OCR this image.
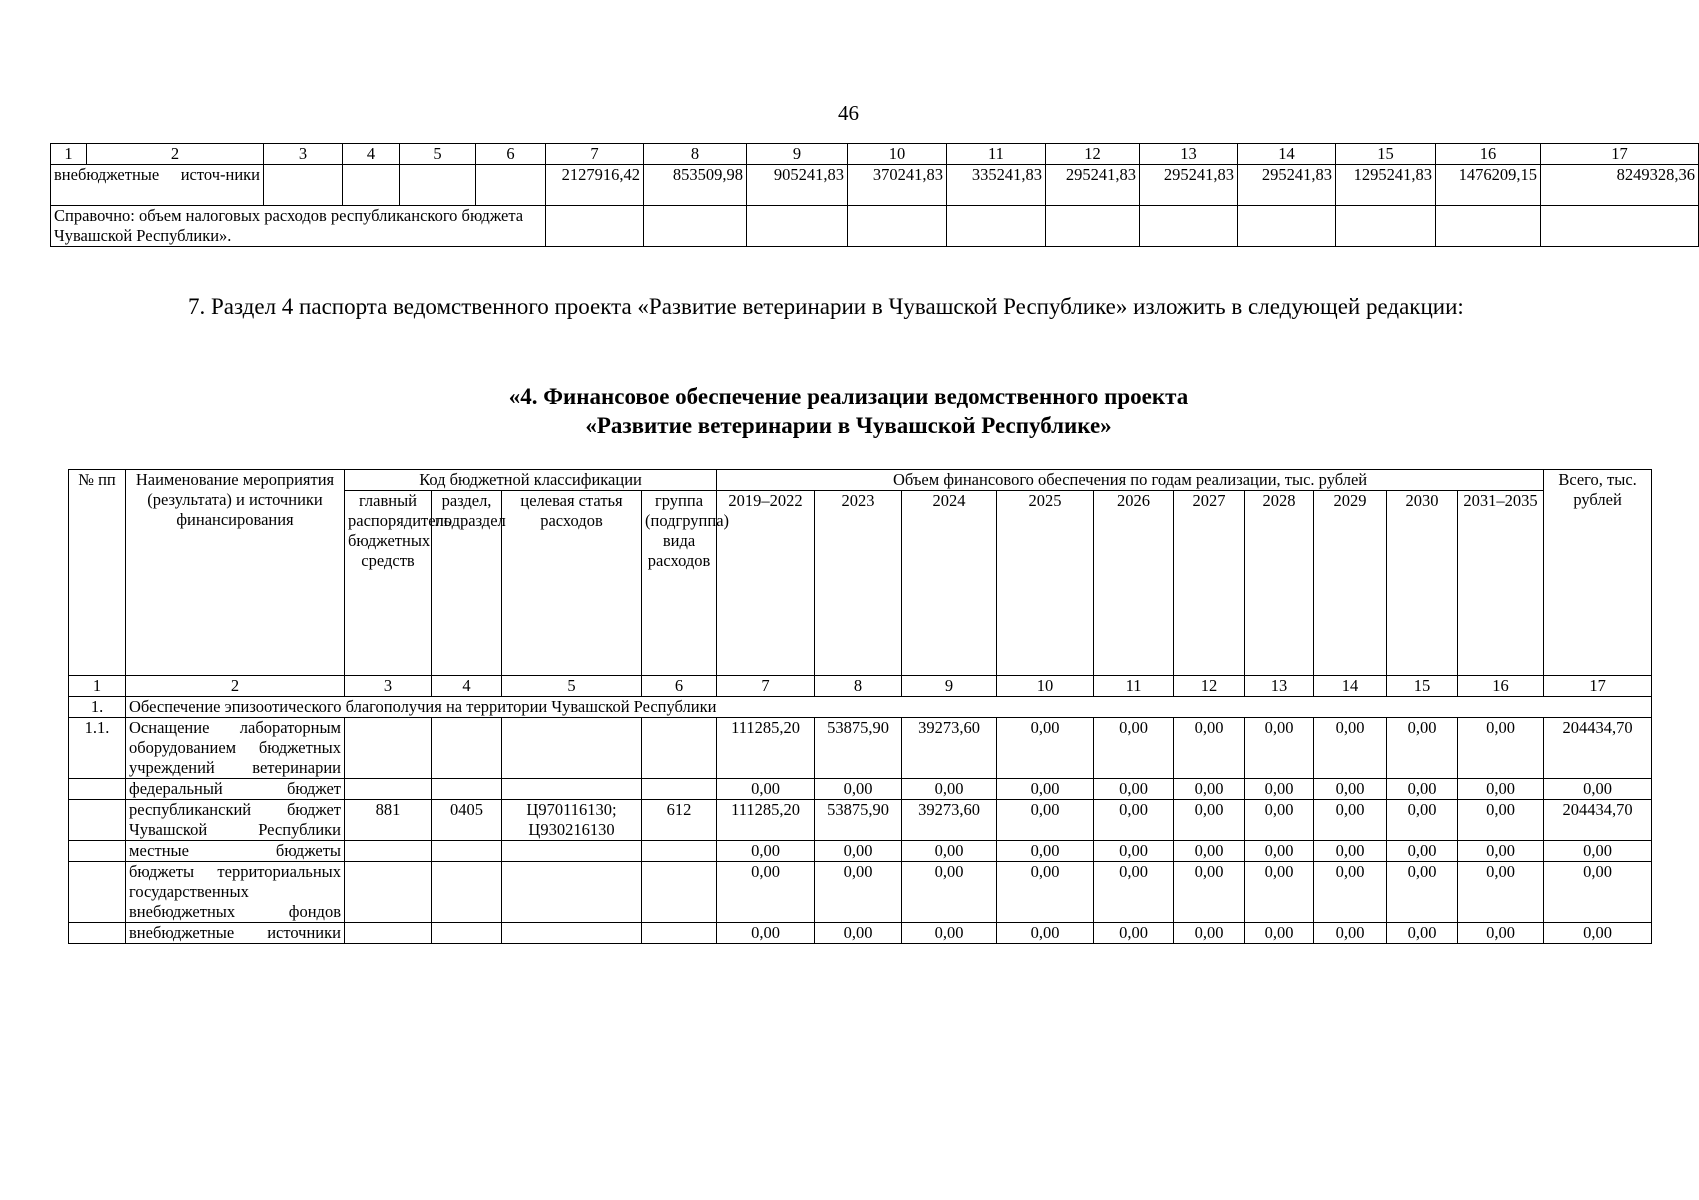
46
1	2	3	4	5	6	7	8	9	10	11	12	13	14	15	16	17
внебюджетные источ-ники						2127916,42	853509,98	905241,83	370241,83	335241,83	295241,83	295241,83	295241,83	1295241,83	1476209,15	8249328,36
Справочно: объем налоговых расходов республиканского бюджета Чувашской Республики».																
7. Раздел 4 паспорта ведомственного проекта «Развитие ветеринарии в Чувашской Республике» изложить в следующей редакции:
«4. Финансовое обеспечение реализации ведомственного проекта
«Развитие ветеринарии в Чувашской Республике»
№ пп	Наименование мероприятия (результата) и источники финансирования	Код бюджетной классификации				Объем финансового обеспечения по годам реализации, тыс. рублей										Всего, тыс. рублей
		главный распорядитель бюджетных средств	раздел, подраздел	целевая статья расходов	группа (подгруппа) вида расходов	2019–2022	2023	2024	2025	2026	2027	2028	2029	2030	2031–2035	
1	2	3	4	5	6	7	8	9	10	11	12	13	14	15	16	17
1.	Обеспечение эпизоотического благополучия на территории Чувашской Республики															
1.1.	Оснащение лабораторным оборудованием бюджетных учреждений ветеринарии					111285,20	53875,90	39273,60	0,00	0,00	0,00	0,00	0,00	0,00	0,00	204434,70
	федеральный бюджет					0,00	0,00	0,00	0,00	0,00	0,00	0,00	0,00	0,00	0,00	0,00
	республиканский бюджет Чувашской Республики	881	0405	Ц970116130; Ц930216130	612	111285,20	53875,90	39273,60	0,00	0,00	0,00	0,00	0,00	0,00	0,00	204434,70
	местные бюджеты					0,00	0,00	0,00	0,00	0,00	0,00	0,00	0,00	0,00	0,00	0,00
	бюджеты территориальных государственных внебюджетных фондов					0,00	0,00	0,00	0,00	0,00	0,00	0,00	0,00	0,00	0,00	0,00
	внебюджетные источники					0,00	0,00	0,00	0,00	0,00	0,00	0,00	0,00	0,00	0,00	0,00
